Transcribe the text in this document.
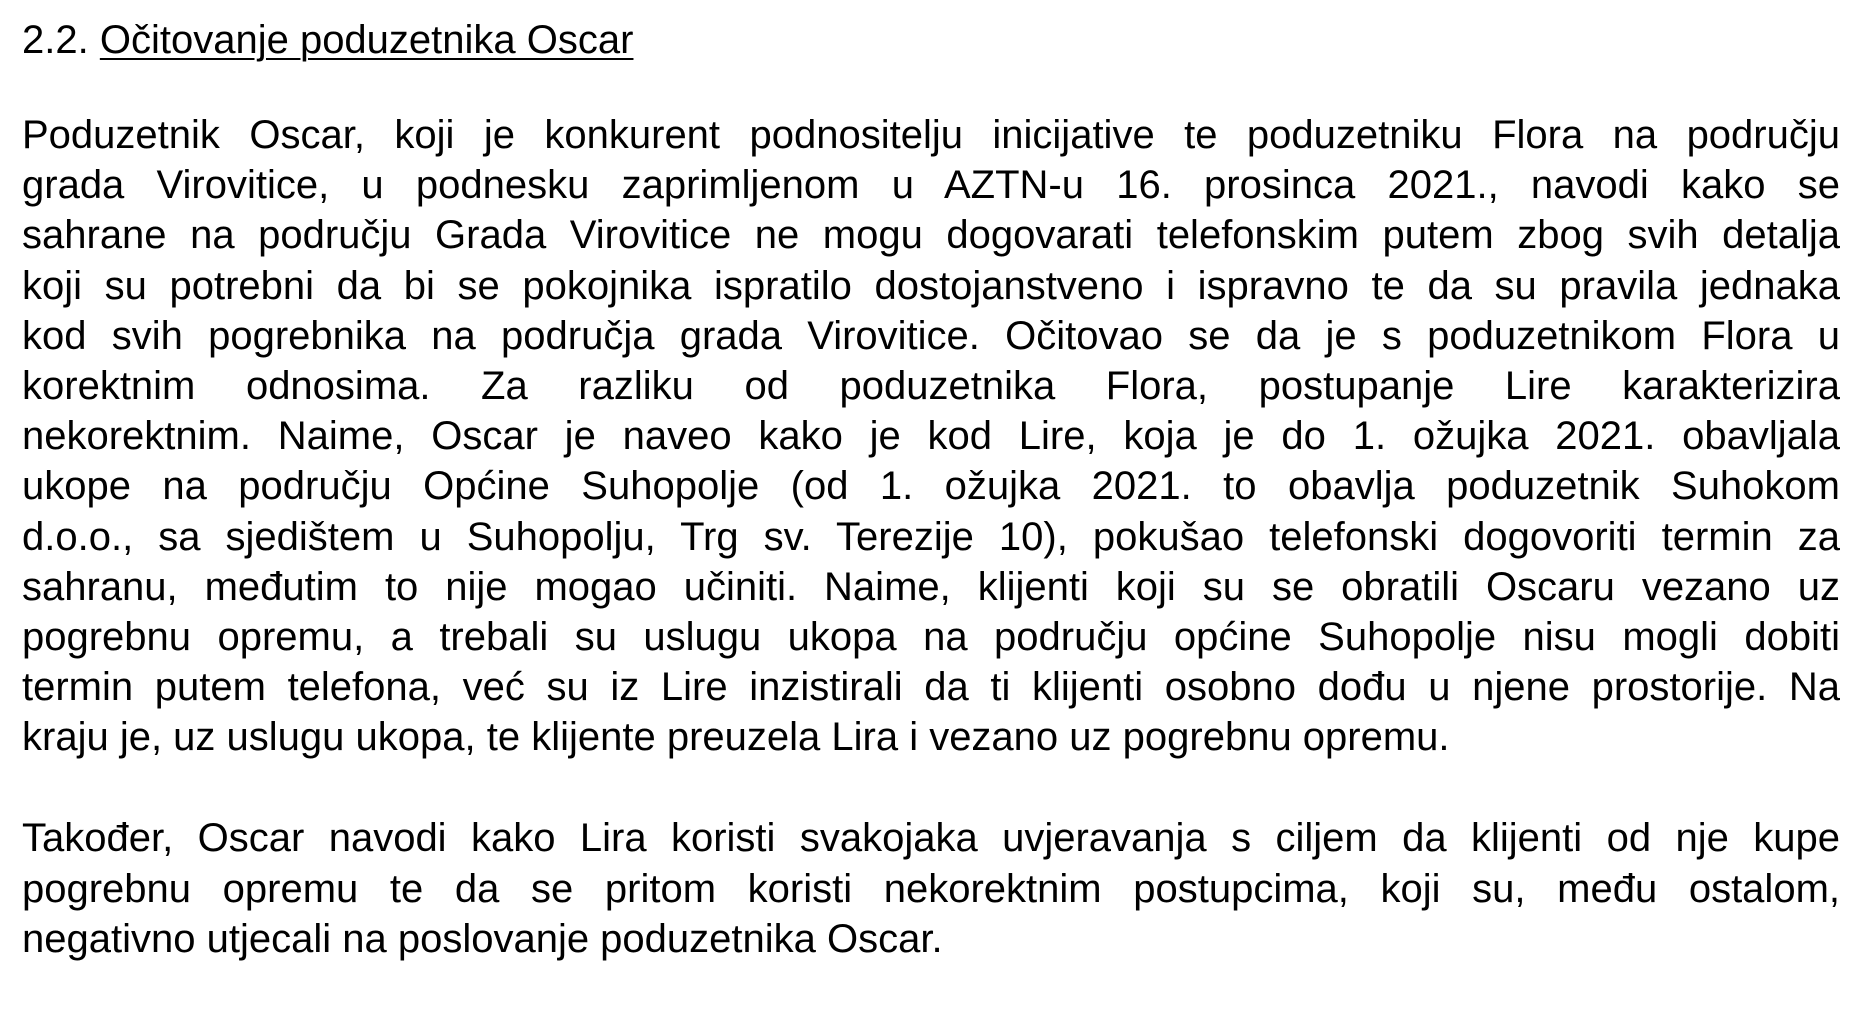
2.2. Očitovanje poduzetnika Oscar
Poduzetnik Oscar, koji je konkurent podnositelju inicijative te poduzetniku Flora na području
grada Virovitice, u podnesku zaprimljenom u AZTN-u 16. prosinca 2021., navodi kako se
sahrane na području Grada Virovitice ne mogu dogovarati telefonskim putem zbog svih detalja
koji su potrebni da bi se pokojnika ispratilo dostojanstveno i ispravno te da su pravila jednaka
kod svih pogrebnika na područja grada Virovitice. Očitovao se da je s poduzetnikom Flora u
korektnim odnosima. Za razliku od poduzetnika Flora, postupanje Lire karakterizira
nekorektnim. Naime, Oscar je naveo kako je kod Lire, koja je do 1. ožujka 2021. obavljala
ukope na području Općine Suhopolje (od 1. ožujka 2021. to obavlja poduzetnik Suhokom
d.o.o., sa sjedištem u Suhopolju, Trg sv. Terezije 10), pokušao telefonski dogovoriti termin za
sahranu, međutim to nije mogao učiniti. Naime, klijenti koji su se obratili Oscaru vezano uz
pogrebnu opremu, a trebali su uslugu ukopa na području općine Suhopolje nisu mogli dobiti
termin putem telefona, već su iz Lire inzistirali da ti klijenti osobno dođu u njene prostorije. Na
kraju je, uz uslugu ukopa, te klijente preuzela Lira i vezano uz pogrebnu opremu.
Također, Oscar navodi kako Lira koristi svakojaka uvjeravanja s ciljem da klijenti od nje kupe
pogrebnu opremu te da se pritom koristi nekorektnim postupcima, koji su, među ostalom,
negativno utjecali na poslovanje poduzetnika Oscar.
